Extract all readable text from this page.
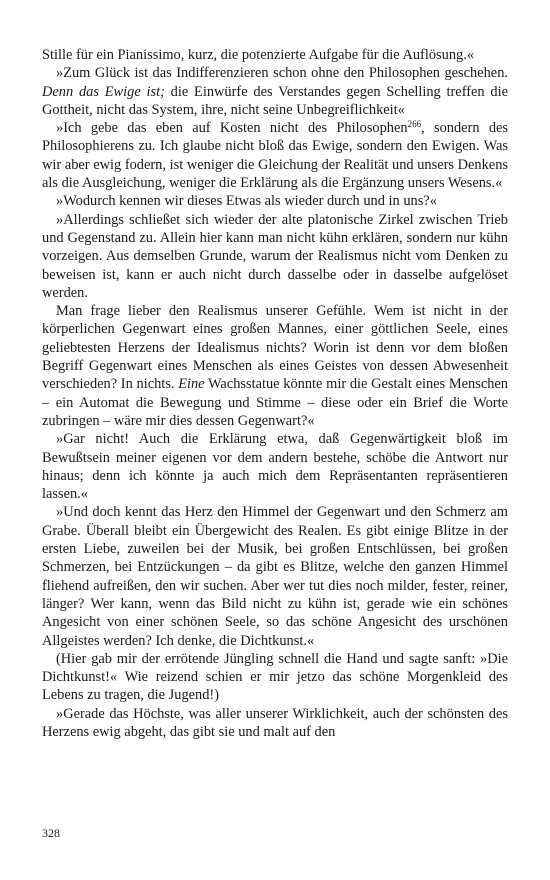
Stille für ein Pianissimo, kurz, die potenzierte Aufgabe für die Auflösung.«

»Zum Glück ist das Indifferenzieren schon ohne den Philosophen geschehen. Denn das Ewige ist; die Einwürfe des Verstandes gegen Schelling treffen die Gottheit, nicht das System, ihre, nicht seine Unbegreiflichkeit«

»Ich gebe das eben auf Kosten nicht des Philosophen$^{266}$, sondern des Philosophierens zu. Ich glaube nicht bloß das Ewige, sondern den Ewigen. Was wir aber ewig fodern, ist weniger die Gleichung der Realität und unsers Denkens als die Ausgleichung, weniger die Erklärung als die Ergänzung unsers Wesens.«

»Wodurch kennen wir dieses Etwas als wieder durch und in uns?«

»Allerdings schließet sich wieder der alte platonische Zirkel zwischen Trieb und Gegenstand zu. Allein hier kann man nicht kühn erklären, sondern nur kühn vorzeigen. Aus demselben Grunde, warum der Realismus nicht vom Denken zu beweisen ist, kann er auch nicht durch dasselbe oder in dasselbe aufgelöset werden.

Man frage lieber den Realismus unserer Gefühle. Wem ist nicht in der körperlichen Gegenwart eines großen Mannes, einer göttlichen Seele, eines geliebtesten Herzens der Idealismus nichts? Worin ist denn vor dem bloßen Begriff Gegenwart eines Menschen als eines Geistes von dessen Abwesenheit verschieden? In nichts. Eine Wachsstatue könnte mir die Gestalt eines Menschen – ein Automat die Bewegung und Stimme – diese oder ein Brief die Worte zubringen – wäre mir dies dessen Gegenwart?«

»Gar nicht! Auch die Erklärung etwa, daß Gegenwärtigkeit bloß im Bewußtsein meiner eigenen vor dem andern bestehe, schöbe die Antwort nur hinaus; denn ich könnte ja auch mich dem Repräsentanten repräsentieren lassen.«

»Und doch kennt das Herz den Himmel der Gegenwart und den Schmerz am Grabe. Überall bleibt ein Übergewicht des Realen. Es gibt einige Blitze in der ersten Liebe, zuweilen bei der Musik, bei großen Entschlüssen, bei großen Schmerzen, bei Entzückungen – da gibt es Blitze, welche den ganzen Himmel fliehend aufreißen, den wir suchen. Aber wer tut dies noch milder, fester, reiner, länger? Wer kann, wenn das Bild nicht zu kühn ist, gerade wie ein schönes Angesicht von einer schönen Seele, so das schöne Angesicht des urschönen Allgeistes werden? Ich denke, die Dichtkunst.«

(Hier gab mir der errötende Jüngling schnell die Hand und sagte sanft: »Die Dichtkunst!« Wie reizend schien er mir jetzo das schöne Morgenkleid des Lebens zu tragen, die Jugend!)

»Gerade das Höchste, was aller unserer Wirklichkeit, auch der schönsten des Herzens ewig abgeht, das gibt sie und malt auf den

328
